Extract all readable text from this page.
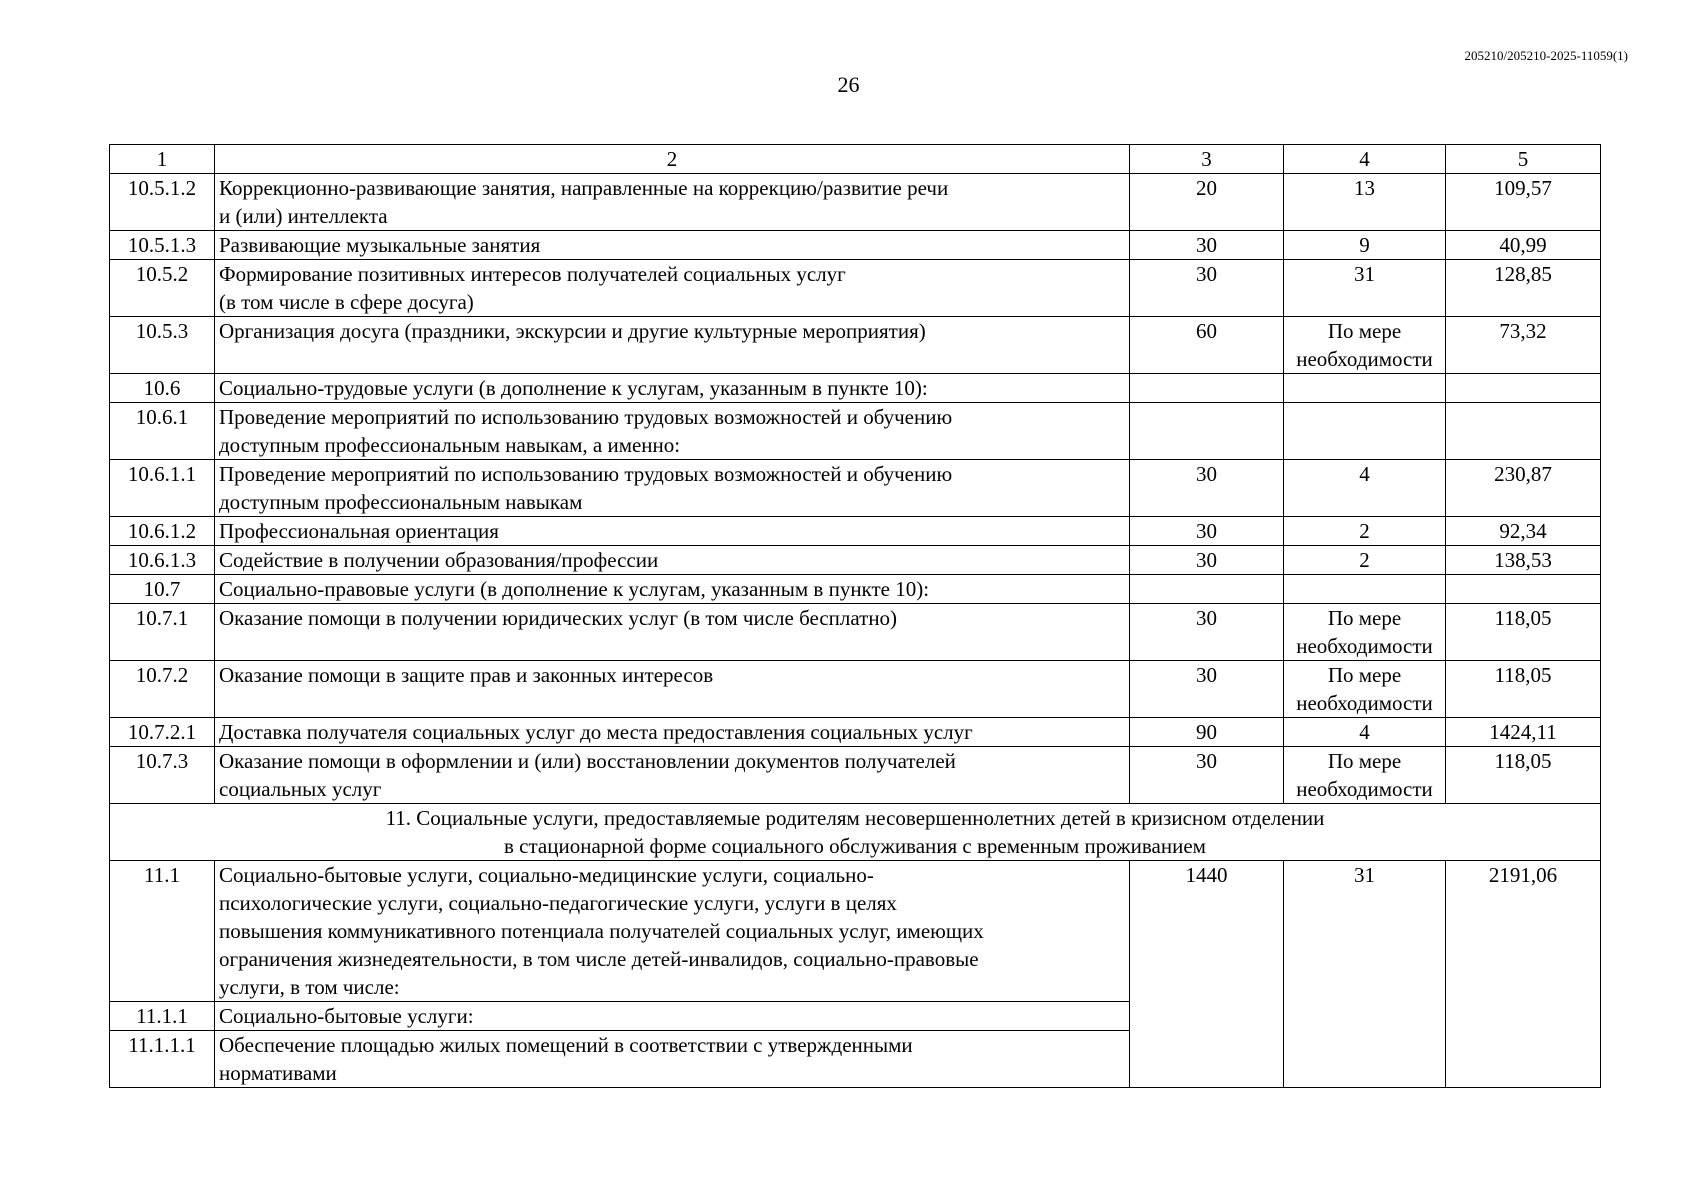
205210/205210-2025-11059(1)
26
1	2	3	4	5
10.5.1.2	Коррекционно-развивающие занятия, направленные на коррекцию/развитие речи
и (или) интеллекта	20	13	109,57
10.5.1.3	Развивающие музыкальные занятия	30	9	40,99
10.5.2	Формирование позитивных интересов получателей социальных услуг
(в том числе в сфере досуга)	30	31	128,85
10.5.3	Организация досуга (праздники, экскурсии и другие культурные мероприятия)	60	По мере
необходимости	73,32
10.6	Социально-трудовые услуги (в дополнение к услугам, указанным в пункте 10):			

10.6.1	Проведение мероприятий по использованию трудовых возможностей и обучению
доступным профессиональным навыкам, а именно:			

10.6.1.1	Проведение мероприятий по использованию трудовых возможностей и обучению
доступным профессиональным навыкам	30	4	230,87
10.6.1.2	Профессиональная ориентация	30	2	92,34
10.6.1.3	Содействие в получении образования/профессии	30	2	138,53
10.7	Социально-правовые услуги (в дополнение к услугам, указанным в пункте 10):			

10.7.1	Оказание помощи в получении юридических услуг (в том числе бесплатно)	30	По мере
необходимости	118,05
10.7.2	Оказание помощи в защите прав и законных интересов	30	По мере
необходимости	118,05
10.7.2.1	Доставка получателя социальных услуг до места предоставления социальных услуг	90	4	1424,11
10.7.3	Оказание помощи в оформлении и (или) восстановлении документов получателей
социальных услуг	30	По мере
необходимости	118,05

11. Социальные услуги, предоставляемые родителям несовершеннолетних детей в кризисном отделении
в стационарной форме социального обслуживания с временным проживанием				

11.1	Социально-бытовые услуги, социально-медицинские услуги, социально-
психологические услуги, социально-педагогические услуги, услуги в целях
повышения коммуникативного потенциала получателей социальных услуг, имеющих
ограничения жизнедеятельности, в том числе детей-инвалидов, социально-правовые
услуги, в том числе:	1440	31	2191,06
11.1.1	Социально-бытовые услуги:			

11.1.1.1	Обеспечение площадью жилых помещений в соответствии с утвержденными
нормативами			
